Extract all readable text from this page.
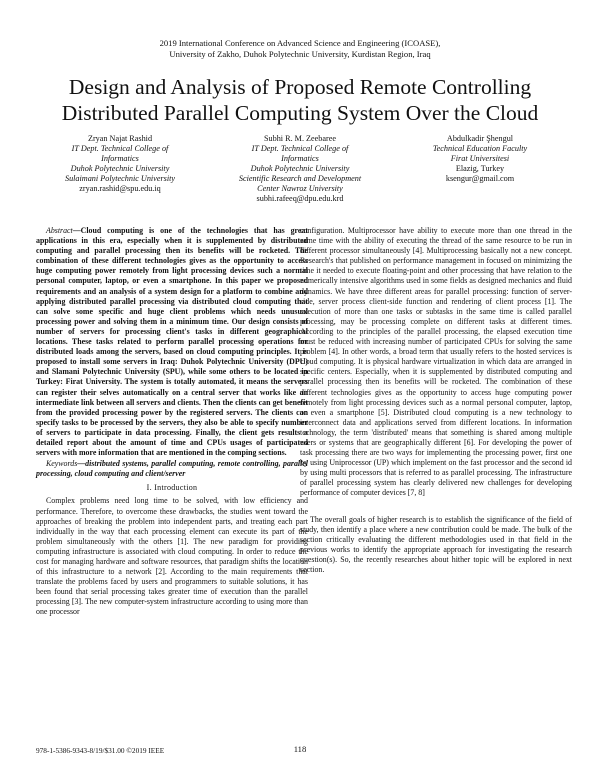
2019 International Conference on Advanced Science and Engineering (ICOASE),
University of Zakho, Duhok Polytechnic University, Kurdistan Region, Iraq
Design and Analysis of Proposed Remote Controlling
Distributed Parallel Computing System Over the Cloud
Zryan Najat Rashid
IT Dept. Technical College of
Informatics
Duhok Polytechnic University
Sulaimani Polytechnic University
zryan.rashid@spu.edu.iq
Subhi R. M. Zeebaree
IT Dept. Technical College of
Informatics
Duhok Polytechnic University
Scientific Research and Development
Center Nawroz University
subhi.rafeeq@dpu.edu.krd
Abdulkadir Şhengul
Technical Education Faculty
Firat Universitesi
Elazig, Turkey
ksengur@gmail.com

Abstract—Cloud computing is one of the technologies that has great applications in this era, especially when it is supplemented by distributed computing and parallel processing then its benefits will be rocketed. The combination of these different technologies gives as the opportunity to access huge computing power remotely from light processing devices such a normal personal computer, laptop, or even a smartphone. In this paper we proposed requirements and an analysis of a system design for a platform to combine and applying distributed parallel processing via distributed cloud computing that can solve some specific and huge client problems which needs unusual processing power and solving them in a minimum time. Our design consists of number of servers for processing client's tasks in different geographical locations. These tasks related to perform parallel processing operations for distributed loads among the servers, based on cloud computing principles. It is proposed to install some servers in Iraq: Duhok Polytechnic University (DPU) and Slamani Polytechnic University (SPU), while some others to be located in Turkey: Firat University. The system is totally automated, it means the servers can register their selves automatically on a central server that works like an intermediate link between all servers and clients. Then the clients can get benefit from the provided processing power by the registered servers. The clients can specify tasks to be processed by the servers, they also be able to specify number of servers to participate in data processing. Finally, the client gets results a detailed report about the amount of time and CPUs usages of participated servers with more information that are mentioned in the comping sections.

Keywords—distributed systems, parallel computing, remote controlling, parallel processing, cloud computing and client/server

I. Introduction

Complex problems need long time to be solved, with low efficiency and performance. Therefore, to overcome these drawbacks, the studies went toward the approaches of breaking the problem into independent parts, and treating each part individually in the way that each processing element can execute its part of the problem simultaneously with the others [1]. The new paradigm for providing computing infrastructure is associated with cloud computing. In order to reduce the cost for managing hardware and software resources, that paradigm shifts the location of this infrastructure to a network [2]. According to the main requirements that translate the problems faced by users and programmers to suitable solutions, it has been found that serial processing takes greater time of execution than the parallel processing [3]. The new computer-system infrastructure according to using more than one processor

configuration. Multiprocessor have ability to execute more than one thread in the same time with the ability of executing the thread of the same resource to be run in different processor simultaneously [4]. Multiprocessing basically not a new concept. Research's that published on performance management in focused on minimizing the time it needed to execute floating-point and other processing that have relation to the numerically intensive algorithms used in some fields as designed mechanics and fluid dynamics. We have three different areas for parallel processing: function of server-side, server process client-side function and rendering of client process [1]. The execution of more than one tasks or subtasks in the same time is called parallel processing, may be processing complete on different tasks at different times. According to the principles of the parallel processing, the elapsed execution time must be reduced with increasing number of participated CPUs for solving the same problem [4]. In other words, a broad term that usually refers to the hosted services is cloud computing. It is physical hardware virtualization in which data are arranged in specific centers. Especially, when it is supplemented by distributed computing and parallel processing then its benefits will be rocketed. The combination of these different technologies gives as the opportunity to access huge computing power remotely from light processing devices such as a normal personal computer, laptop, or even a smartphone [5]. Distributed cloud computing is a new technology to interconnect data and applications served from different locations. In information technology, the term 'distributed' means that something is shared among multiple users or systems that are geographically different [6]. For developing the power of task processing there are two ways for implementing the processing power, first one by using Uniprocessor (UP) which implement on the fast processor and the second id by using multi processors that is referred to as parallel processing. The infrastructure of parallel processing system has clearly delivered new challenges for developing performance of computer devices [7, 8]

The overall goals of higher research is to establish the significance of the field of study, then identify a place where a new contribution could be made. The bulk of the section critically evaluating the different methodologies used in that field in the previous works to identify the appropriate approach for investigating the research question(s). So, the recently researches about hither topic will be explored in next section.

978-1-5386-9343-8/19/$31.00 ©2019 IEEE	118
